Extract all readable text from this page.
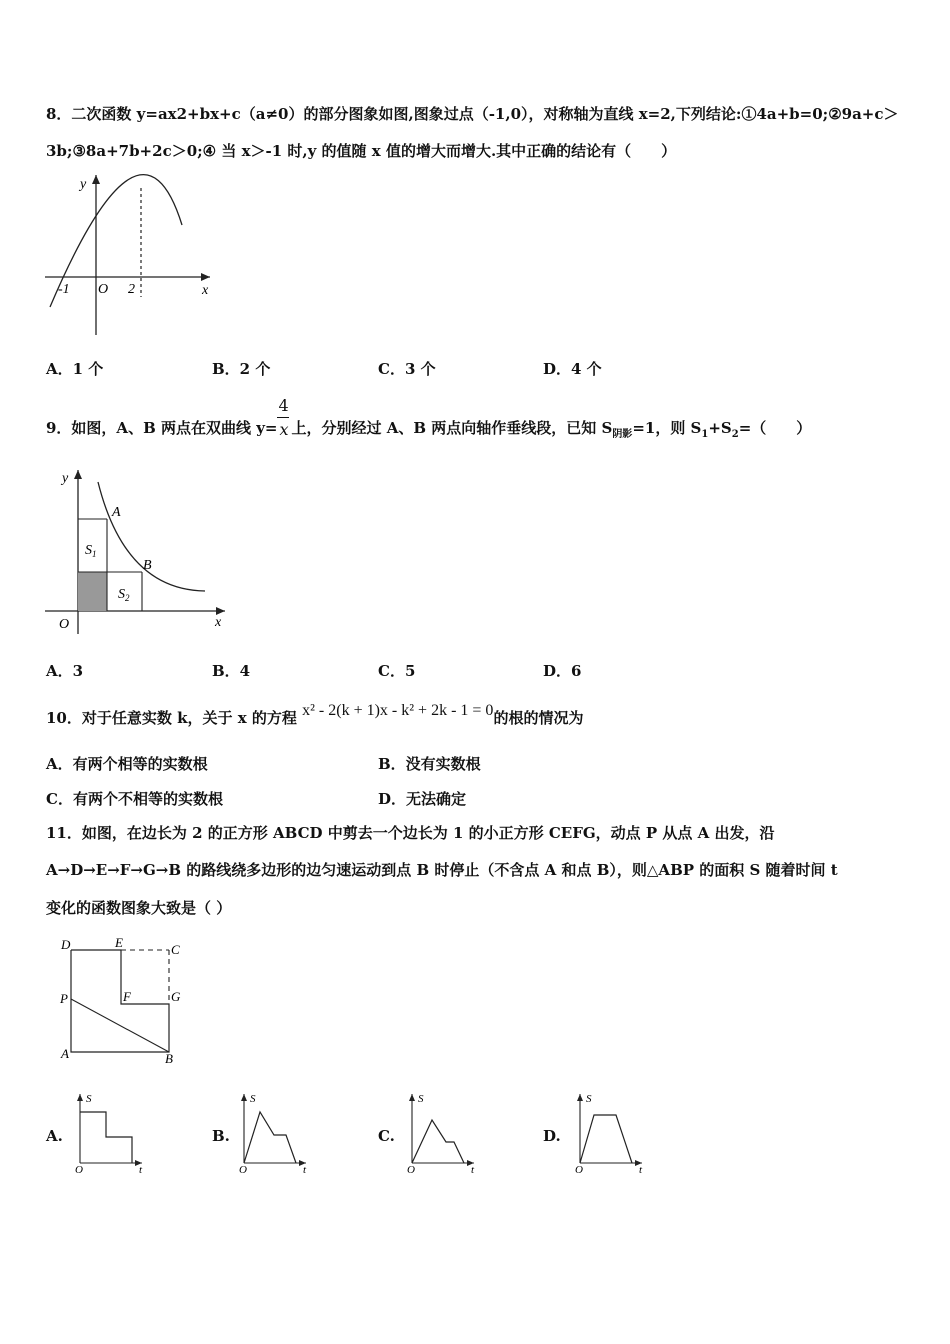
8．二次函数 y=ax2+bx+c（a≠0）的部分图象如图,图象过点（-1,0），对称轴为直线 x=2,下列结论:①4a+b=0;②9a+c＞
3b;③8a+7b+2c＞0;④ 当 x＞-1 时,y 的值随 x 值的增大而增大.其中正确的结论有（　　）
y
x
-1 O 2
A．1 个	B．2 个	C．3 个	D．4 个
9．如图，A、B 两点在双曲线 $y= \frac{4}{x}$ 上，分别经过 A、B 两点向轴作垂线段，已知 $S_{阴影}=1$，则 $S_1+S_2=$（　　）
y
x
O
A
B
$S_1$
$S_2$
A．3	B．4	C．5	D．6
10．对于任意实数 k，关于 x 的方程 x² - 2(k + 1)x - k² + 2k - 1 = 0的根的情况为
A．有两个相等的实数根	B．没有实数根
C．有两个不相等的实数根	D．无法确定
11．如图，在边长为 2 的正方形 ABCD 中剪去一个边长为 1 的小正方形 CEFG，动点 P 从点 A 出发，沿
A→D→E→F→G→B 的路线绕多边形的边匀速运动到点 B 时停止（不含点 A 和点 B），则△ABP 的面积 S 随着时间 t
变化的函数图象大致是（ ）
D	E	C
P	F	G
A	B
A.
S
O	t
B.
S
O	t
C.
S
O	t
D.
S
O	t
